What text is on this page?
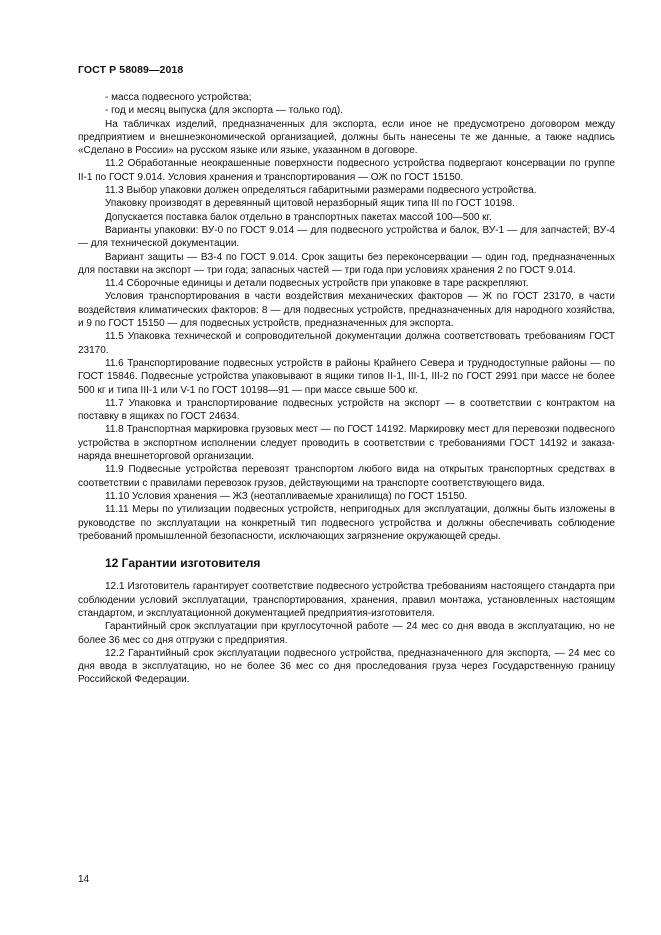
ГОСТ Р 58089—2018

- масса подвесного устройства;

- год и месяц выпуска (для экспорта — только год).

На табличках изделий, предназначенных для экспорта, если иное не предусмотрено договором между предприятием и внешнеэкономической организацией, должны быть нанесены те же данные, а также надпись «Сделано в России» на русском языке или языке, указанном в договоре.

11.2 Обработанные неокрашенные поверхности подвесного устройства подвергают консервации по группе II-1 по ГОСТ 9.014. Условия хранения и транспортирования — ОЖ по ГОСТ 15150.

11.3 Выбор упаковки должен определяться габаритными размерами подвесного устройства.

Упаковку производят в деревянный щитовой неразборный ящик типа III по ГОСТ 10198.

Допускается поставка балок отдельно в транспортных пакетах массой 100—500 кг.

Варианты упаковки: ВУ-0 по ГОСТ 9.014 — для подвесного устройства и балок, ВУ-1 — для запчастей; ВУ-4 — для технической документации.

Вариант защиты — ВЗ-4 по ГОСТ 9.014. Срок защиты без переконсервации — один год, предназначенных для поставки на экспорт — три года; запасных частей — три года при условиях хранения 2 по ГОСТ 9.014.

11.4 Сборочные единицы и детали подвесных устройств при упаковке в таре раскрепляют.

Условия транспортирования в части воздействия механических факторов — Ж по ГОСТ 23170, в части воздействия климатических факторов: 8 — для подвесных устройств, предназначенных для народного хозяйства, и 9 по ГОСТ 15150 — для подвесных устройств, предназначенных для экспорта.

11.5 Упаковка технической и сопроводительной документации должна соответствовать требованиям ГОСТ 23170.

11.6 Транспортирование подвесных устройств в районы Крайнего Севера и труднодоступные районы — по ГОСТ 15846. Подвесные устройства упаковывают в ящики типов II-1, III-1, III-2 по ГОСТ 2991 при массе не более 500 кг и типа III-1 или V-1 по ГОСТ 10198—91 — при массе свыше 500 кг.

11.7 Упаковка и транспортирование подвесных устройств на экспорт — в соответствии с контрактом на поставку в ящиках по ГОСТ 24634.

11.8 Транспортная маркировка грузовых мест — по ГОСТ 14192. Маркировку мест для перевозки подвесного устройства в экспортном исполнении следует проводить в соответствии с требованиями ГОСТ 14192 и заказа-наряда внешнеторговой организации.

11.9 Подвесные устройства перевозят транспортом любого вида на открытых транспортных средствах в соответствии с правилами перевозок грузов, действующими на транспорте соответствующего вида.

11.10 Условия хранения — ЖЗ (неотапливаемые хранилища) по ГОСТ 15150.

11.11 Меры по утилизации подвесных устройств, непригодных для эксплуатации, должны быть изложены в руководстве по эксплуатации на конкретный тип подвесного устройства и должны обеспечивать соблюдение требований промышленной безопасности, исключающих загрязнение окружающей среды.

12 Гарантии изготовителя

12.1 Изготовитель гарантирует соответствие подвесного устройства требованиям настоящего стандарта при соблюдении условий эксплуатации, транспортирования, хранения, правил монтажа, установленных настоящим стандартом, и эксплуатационной документацией предприятия-изготовителя.

Гарантийный срок эксплуатации при круглосуточной работе — 24 мес со дня ввода в эксплуатацию, но не более 36 мес со дня отгрузки с предприятия.

12.2 Гарантийный срок эксплуатации подвесного устройства, предназначенного для экспорта, — 24 мес со дня ввода в эксплуатацию, но не более 36 мес со дня проследования груза через Государственную границу Российской Федерации.

14
